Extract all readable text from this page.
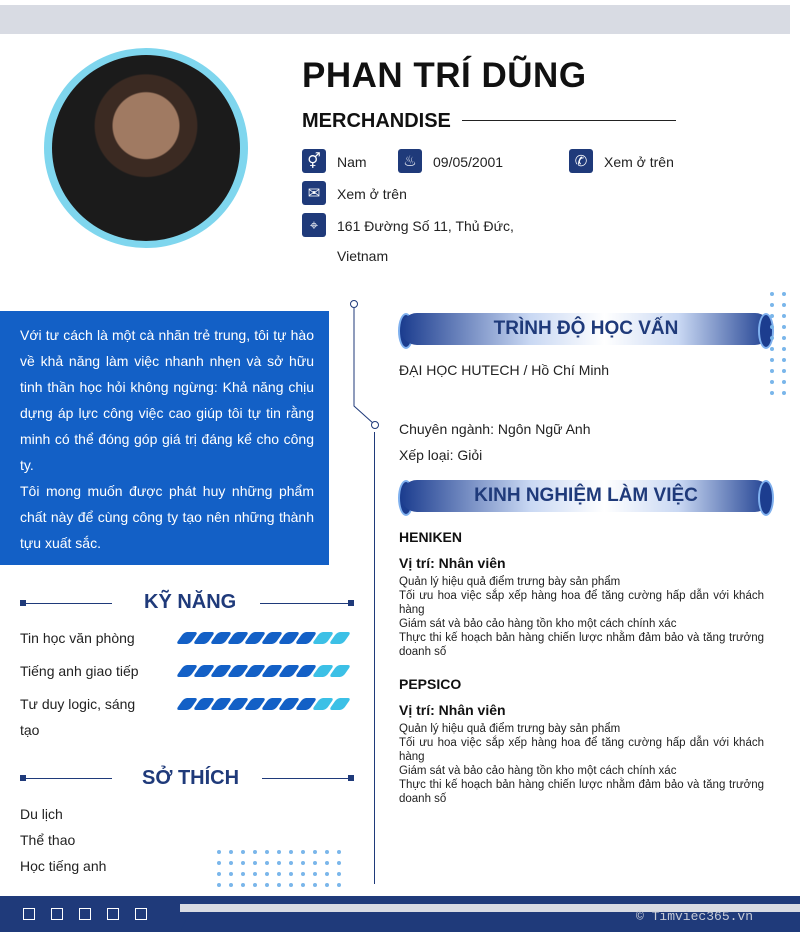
PHAN TRÍ DŨNG
MERCHANDISE
⚥	Nam	♨	09/05/2001	✆	Xem ở trên
✉	Xem ở trên
⌖	161 Đường Số 11, Thủ Đức,
Vietnam

Với tư cách là một cà nhãn trẻ trung, tôi tự hào về khả năng làm việc nhanh nhẹn và sở hữu tinh thần học hỏi không ngừng: Khả năng chịu dựng áp lực công việc cao giúp tôi tự tin rằng minh có thể đóng góp giá trị đáng kể cho công ty.

Tôi mong muốn được phát huy những phẩm chất này để cùng công ty tạo nên những thành tựu xuất sắc.

KỸ NĂNG
Tin học văn phòng
Tiếng anh giao tiếp
Tư duy logic, sáng tạo
SỞ THÍCH
Du lịch
Thể thao
Học tiếng anh
TRÌNH ĐỘ HỌC VẤN
ĐẠI HỌC HUTECH / Hồ Chí Minh
Chuyên ngành: Ngôn Ngữ Anh
Xếp loại: Giỏi
KINH NGHIỆM LÀM VIỆC
HENIKEN
Vị trí: Nhân viên
Quản lý hiệu quả điểm trưng bày sản phẩm
Tối ưu hoa việc sắp xếp hàng hoa để tăng cường hấp dẫn với khách hàng
Giám sát và bảo cảo hàng tồn kho một cách chính xác
Thực thi kế hoạch bản hàng chiến lược nhằm đảm bảo và tăng trưởng doanh số
PEPSICO
Vị trí: Nhân viên
Quản lý hiệu quả điểm trưng bày sản phẩm
Tối ưu hoa việc sắp xếp hàng hoa để tăng cường hấp dẫn với khách hàng
Giám sát và bảo cảo hàng tồn kho một cách chính xác
Thực thi kế hoạch bản hàng chiến lược nhằm đảm bảo và tăng trưởng doanh số
© Timviec365.vn
